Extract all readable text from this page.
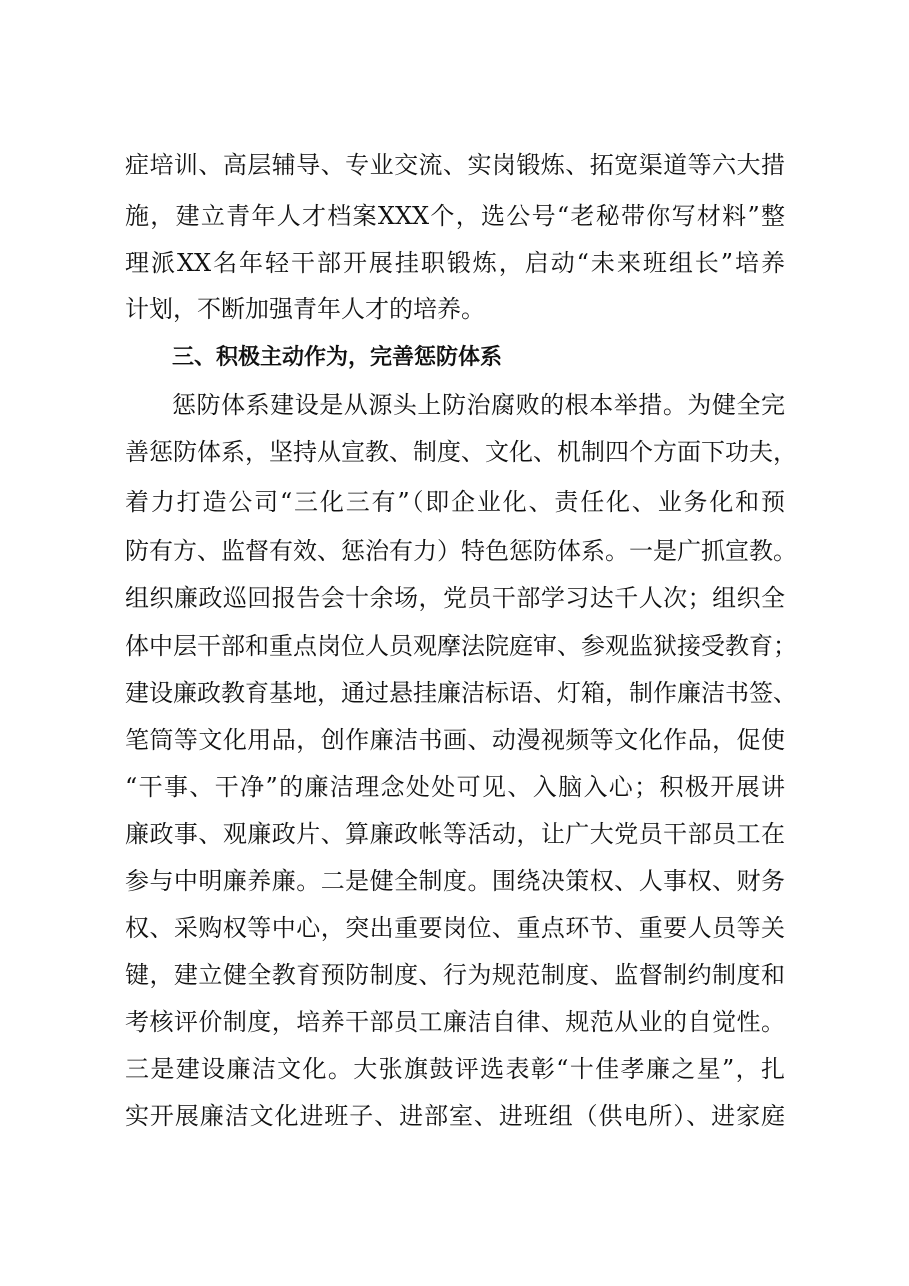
症培训、高层辅导、专业交流、实岗锻炼、拓宽渠道等六大措
施，建立青年人才档案XXX个，选公号“老秘带你写材料”整
理派XX名年轻干部开展挂职锻炼，启动“未来班组长”培养
计划，不断加强青年人才的培养。
三、积极主动作为，完善惩防体系
惩防体系建设是从源头上防治腐败的根本举措。为健全完
善惩防体系，坚持从宣教、制度、文化、机制四个方面下功夫，
着力打造公司“三化三有”（即企业化、责任化、业务化和预
防有方、监督有效、惩治有力）特色惩防体系。一是广抓宣教。
组织廉政巡回报告会十余场，党员干部学习达千人次；组织全
体中层干部和重点岗位人员观摩法院庭审、参观监狱接受教育；
建设廉政教育基地，通过悬挂廉洁标语、灯箱，制作廉洁书签、
笔筒等文化用品，创作廉洁书画、动漫视频等文化作品，促使
“干事、干净”的廉洁理念处处可见、入脑入心；积极开展讲
廉政事、观廉政片、算廉政帐等活动，让广大党员干部员工在
参与中明廉养廉。二是健全制度。围绕决策权、人事权、财务
权、采购权等中心，突出重要岗位、重点环节、重要人员等关
键，建立健全教育预防制度、行为规范制度、监督制约制度和
考核评价制度，培养干部员工廉洁自律、规范从业的自觉性。
三是建设廉洁文化。大张旗鼓评选表彰“十佳孝廉之星”，扎
实开展廉洁文化进班子、进部室、进班组（供电所）、进家庭
